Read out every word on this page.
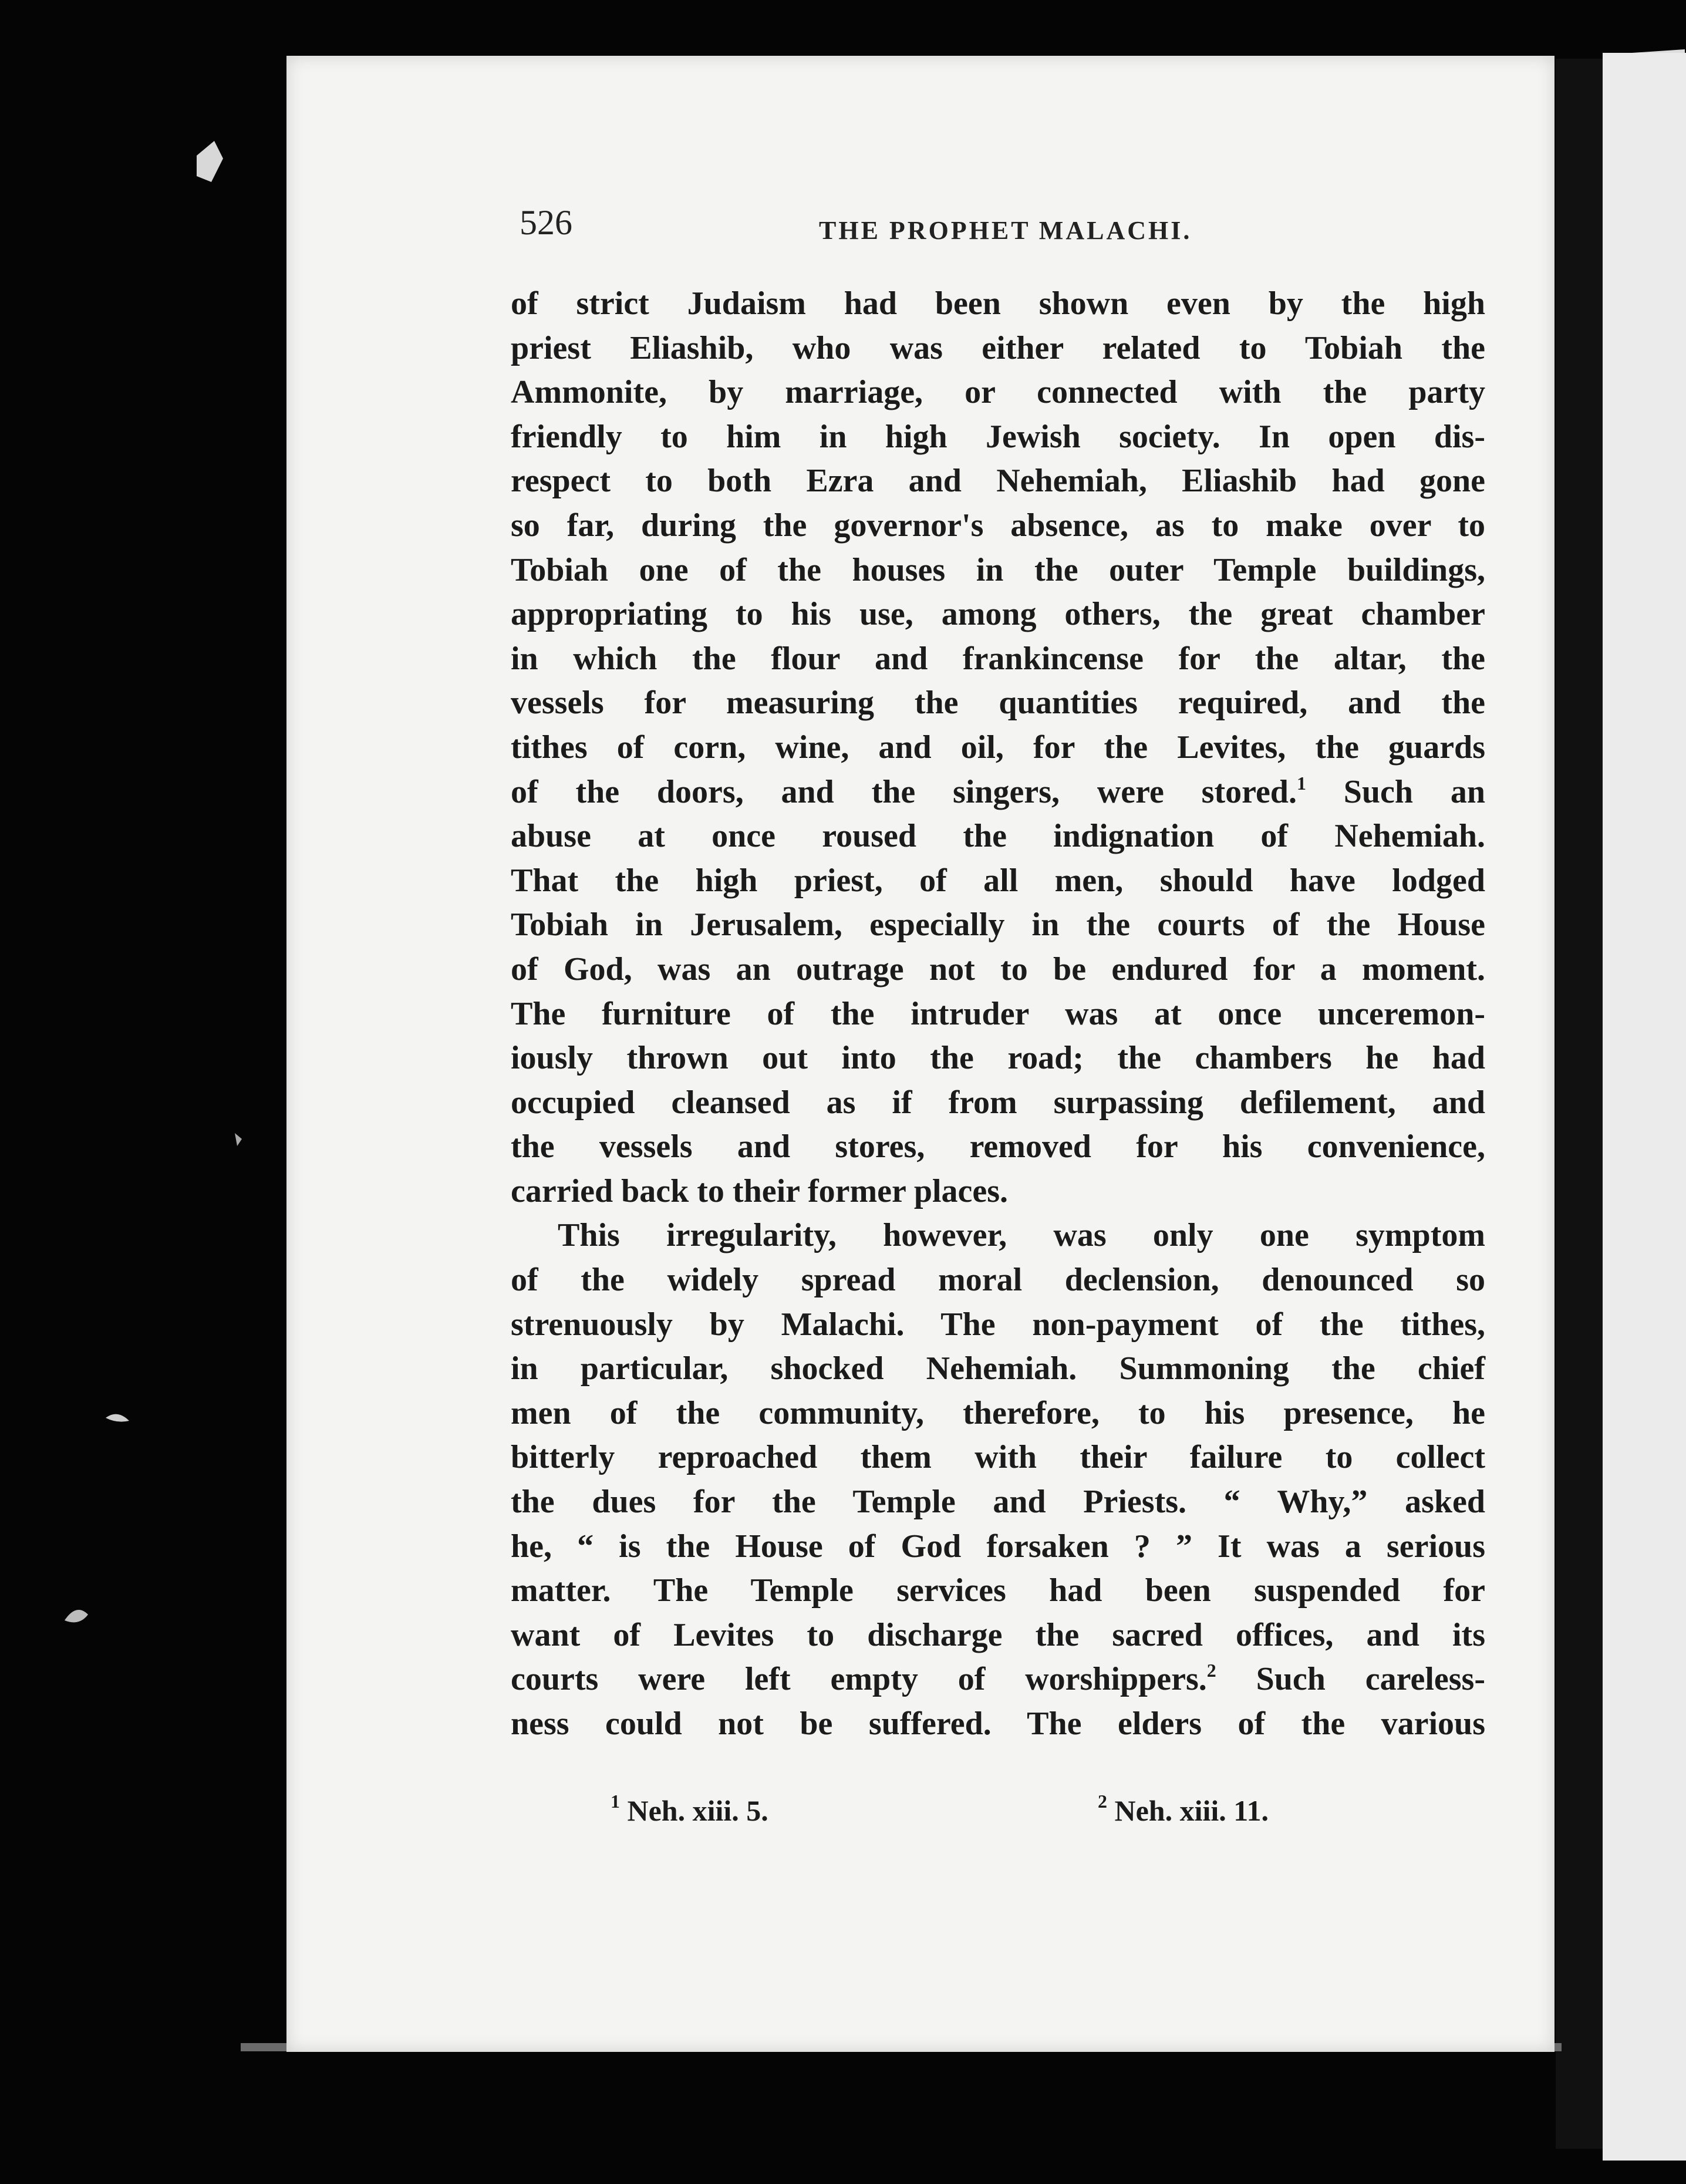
526	THE PROPHET MALACHI.
of strict Judaism had been shown even by the high
priest Eliashib, who was either related to Tobiah the
Ammonite, by marriage, or connected with the party
friendly to him in high Jewish society. In open dis-
respect to both Ezra and Nehemiah, Eliashib had gone
so far, during the governor's absence, as to make over to
Tobiah one of the houses in the outer Temple buildings,
appropriating to his use, among others, the great chamber
in which the flour and frankincense for the altar, the
vessels for measuring the quantities required, and the
tithes of corn, wine, and oil, for the Levites, the guards
of the doors, and the singers, were stored.$^1$ Such an
abuse at once roused the indignation of Nehemiah.
That the high priest, of all men, should have lodged
Tobiah in Jerusalem, especially in the courts of the House
of God, was an outrage not to be endured for a moment.
The furniture of the intruder was at once unceremon-
iously thrown out into the road; the chambers he had
occupied cleansed as if from surpassing defilement, and
the vessels and stores, removed for his convenience,
carried back to their former places.
This irregularity, however, was only one symptom
of the widely spread moral declension, denounced so
strenuously by Malachi. The non-payment of the tithes,
in particular, shocked Nehemiah. Summoning the chief
men of the community, therefore, to his presence, he
bitterly reproached them with their failure to collect
the dues for the Temple and Priests. “ Why,” asked
he, “ is the House of God forsaken ? ” It was a serious
matter. The Temple services had been suspended for
want of Levites to discharge the sacred offices, and its
courts were left empty of worshippers.$^2$ Such careless-
ness could not be suffered. The elders of the various
$^1$ Neh. xiii. 5.	$^2$ Neh. xiii. 11.
